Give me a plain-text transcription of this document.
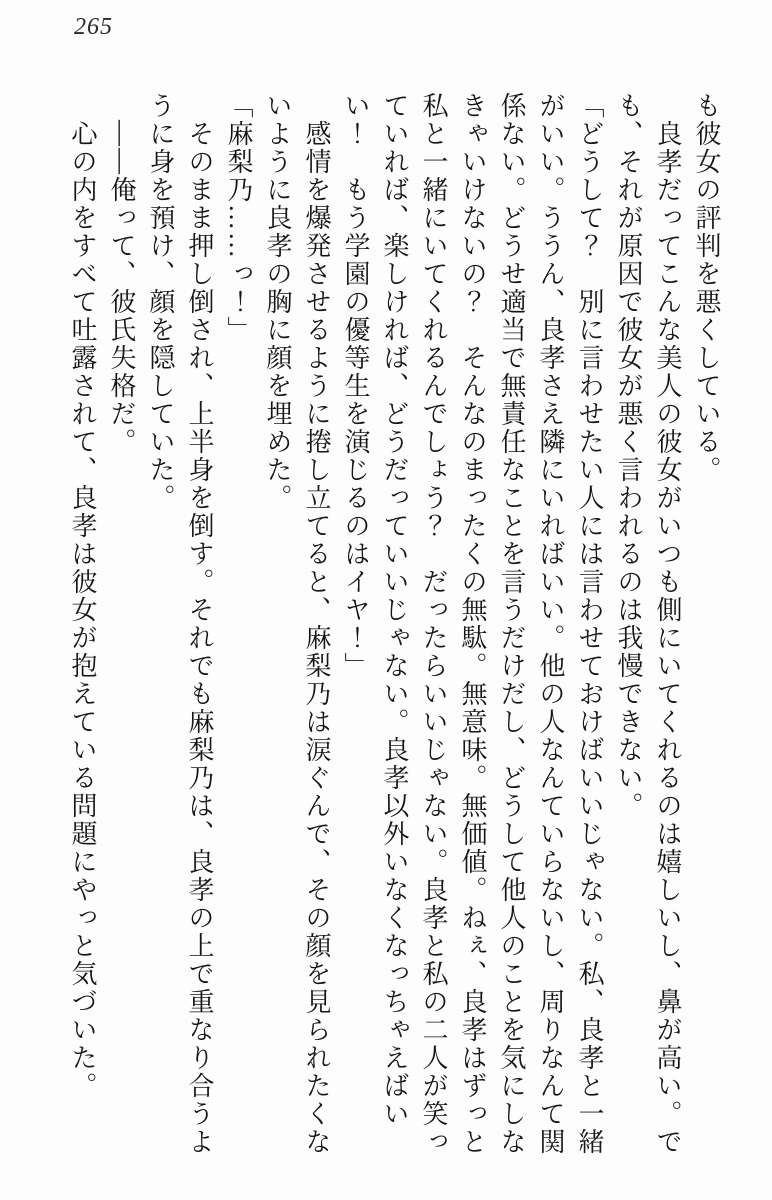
265
も彼女の評判を悪くしている。
　良孝だってこんな美人の彼女がいつも側にいてくれるのは嬉しいし、鼻が高い。で
も、それが原因で彼女が悪く言われるのは我慢できない。
「どうして？　別に言わせたい人には言わせておけばいいじゃない。私、良孝と一緒
がいい。ううん、良孝さえ隣にいればいい。他の人なんていらないし、周りなんて関
係ない。どうせ適当で無責任なことを言うだけだし、どうして他人のことを気にしな
きゃいけないの？　そんなのまったくの無駄。無意味。無価値。ねぇ、良孝はずっと
私と一緒にいてくれるんでしょう？　だったらいいじゃない。良孝と私の二人が笑っ
ていれば、楽しければ、どうだっていいじゃない。良孝以外いなくなっちゃえばい
い！　もう学園の優等生を演じるのはイヤ！」
　感情を爆発させるように捲し立てると、麻梨乃は涙ぐんで、その顔を見られたくな
いように良孝の胸に顔を埋めた。
「麻梨乃……っ！」
　そのまま押し倒され、上半身を倒す。それでも麻梨乃は、良孝の上で重なり合うよ
うに身を預け、顔を隠していた。
　――俺って、彼氏失格だ。
　心の内をすべて吐露されて、良孝は彼女が抱えている問題にやっと気づいた。
